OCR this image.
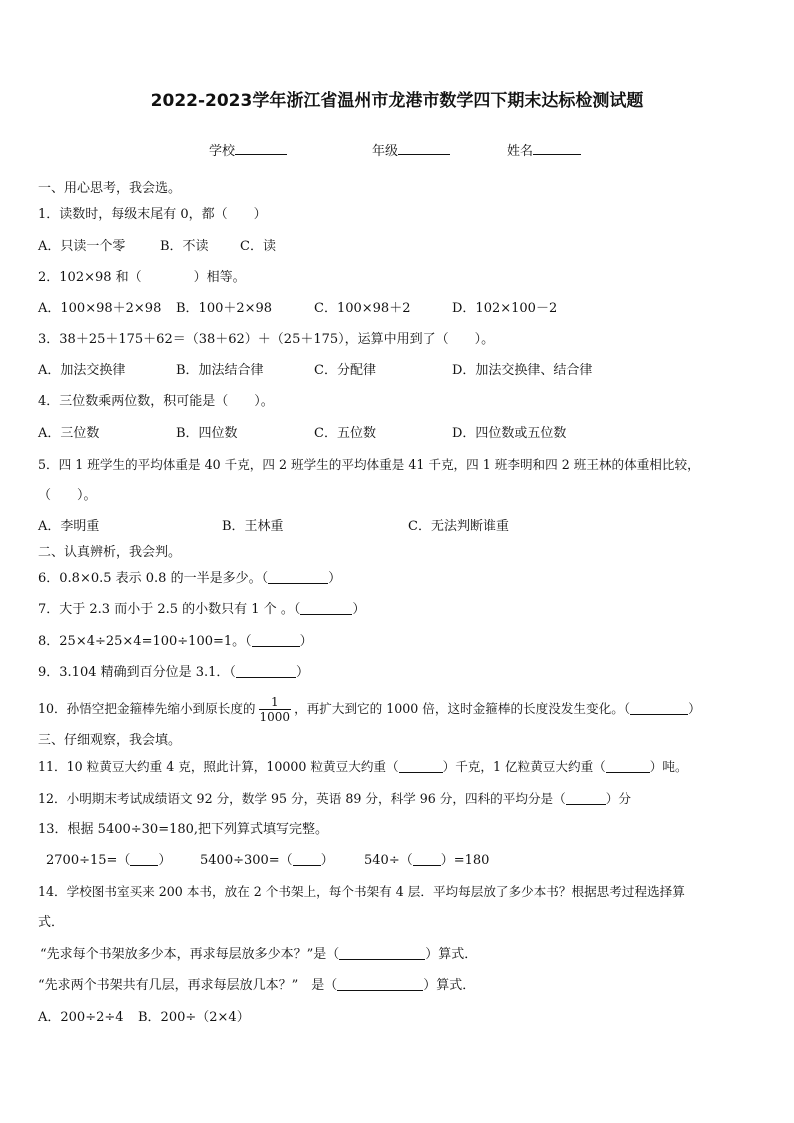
2022-2023学年浙江省温州市龙港市数学四下期末达标检测试题
学校	年级	姓名
一、用心思考，我会选。
1．读数时，每级末尾有 0，都（　　）
A．只读一个零	B．不读 C．读
2．102×98 和（　　　　）相等。
A．100×98＋2×98 B．100＋2×98	C．100×98＋2	D．102×100－2
3．38＋25＋175＋62＝（38＋62）＋（25＋175），运算中用到了（　　）。
A．加法交换律	B．加法结合律	C．分配律	D．加法交换律、结合律
4．三位数乘两位数，积可能是（　　）。
A．三位数	B．四位数	C．五位数	D．四位数或五位数
5．四 1 班学生的平均体重是 40 千克，四 2 班学生的平均体重是 41 千克，四 1 班李明和四 2 班王林的体重相比较，
（　　）。
A．李明重	B．王林重	C．无法判断谁重
二、认真辨析，我会判。
6．0.8×0.5 表示 0.8 的一半是多少。（	）
7．大于 2.3 而小于 2.5 的小数只有 1 个 。（	）
8．25×4÷25×4=100÷100=1。（	）
9．3.104 精确到百分位是 3.1．（	）
10．孙悟空把金箍棒先缩小到原长度的 $\frac{1}{1000}$ ，再扩大到它的 1000 倍，这时金箍棒的长度没发生变化。（	）
三、仔细观察，我会填。
11．10 粒黄豆大约重 4 克，照此计算，10000 粒黄豆大约重（	）千克，1 亿粒黄豆大约重（	）吨。
12．小明期末考试成绩语文 92 分，数学 95 分，英语 89 分，科学 96 分，四科的平均分是（	）分
13．根据 5400÷30=180,把下列算式填写完整。
2700÷15=（ ） 5400÷300=（ ） 540÷（ ）=180
14．学校图书室买来 200 本书，放在 2 个书架上，每个书架有 4 层．平均每层放了多少本书？根据思考过程选择算
式．
“先求每个书架放多少本，再求每层放多少本？”是（	）算式．
“先求两个书架共有几层，再求每层放几本？”　是（	）算式．
A．200÷2÷4 B．200÷（2×4）
